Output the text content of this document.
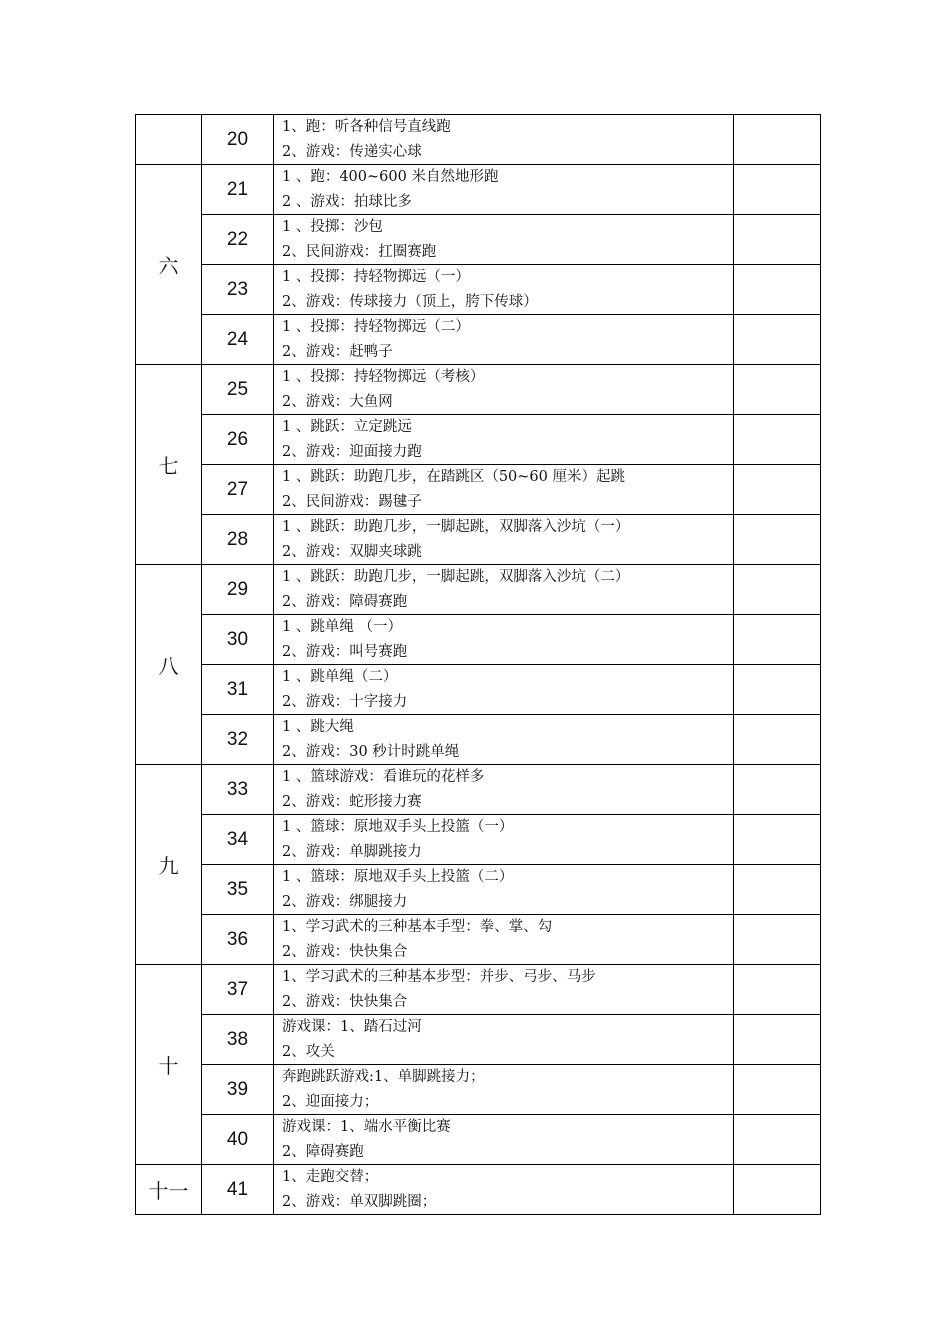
	20	1、跑：听各种信号直线跑
2、游戏：传递实心球	

六	21	1 、跑：400~600 米自然地形跑
2 、游戏：拍球比多	

	22	1 、投掷：沙包
2、民间游戏：扛圈赛跑	

	23	1 、投掷：持轻物掷远（一）
2、游戏：传球接力（顶上，胯下传球）	

	24	1 、投掷：持轻物掷远（二）
2、游戏：赶鸭子	

七	25	1 、投掷：持轻物掷远（考核）
2、游戏：大鱼网	

	26	1 、跳跃：立定跳远
2、游戏：迎面接力跑	

	27	1 、跳跃：助跑几步，在踏跳区（50~60 厘米）起跳
2、民间游戏：踢毽子	

	28	1 、跳跃：助跑几步，一脚起跳，双脚落入沙坑（一）
2、游戏：双脚夹球跳	

八	29	1 、跳跃：助跑几步，一脚起跳，双脚落入沙坑（二）
2、游戏：障碍赛跑	

	30	1 、跳单绳 （一）
2、游戏：叫号赛跑	

	31	1 、跳单绳（二）
2、游戏：十字接力	

	32	1 、跳大绳
2、游戏：30 秒计时跳单绳	

九	33	1 、篮球游戏：看谁玩的花样多
2、游戏：蛇形接力赛	

	34	1 、篮球：原地双手头上投篮（一）
2、游戏：单脚跳接力	

	35	1 、篮球：原地双手头上投篮（二）
2、游戏：绑腿接力	

	36	1、学习武术的三种基本手型：拳、掌、勾
2、游戏：快快集合	

十	37	1、学习武术的三种基本步型：并步、弓步、马步
2、游戏：快快集合	

	38	游戏课：1、踏石过河
2、攻关	

	39	奔跑跳跃游戏:1、单脚跳接力；
2、迎面接力；	

	40	游戏课：1、端水平衡比赛
2、障碍赛跑	

十一	41	1、走跑交替；
2、游戏：单双脚跳圈；	
